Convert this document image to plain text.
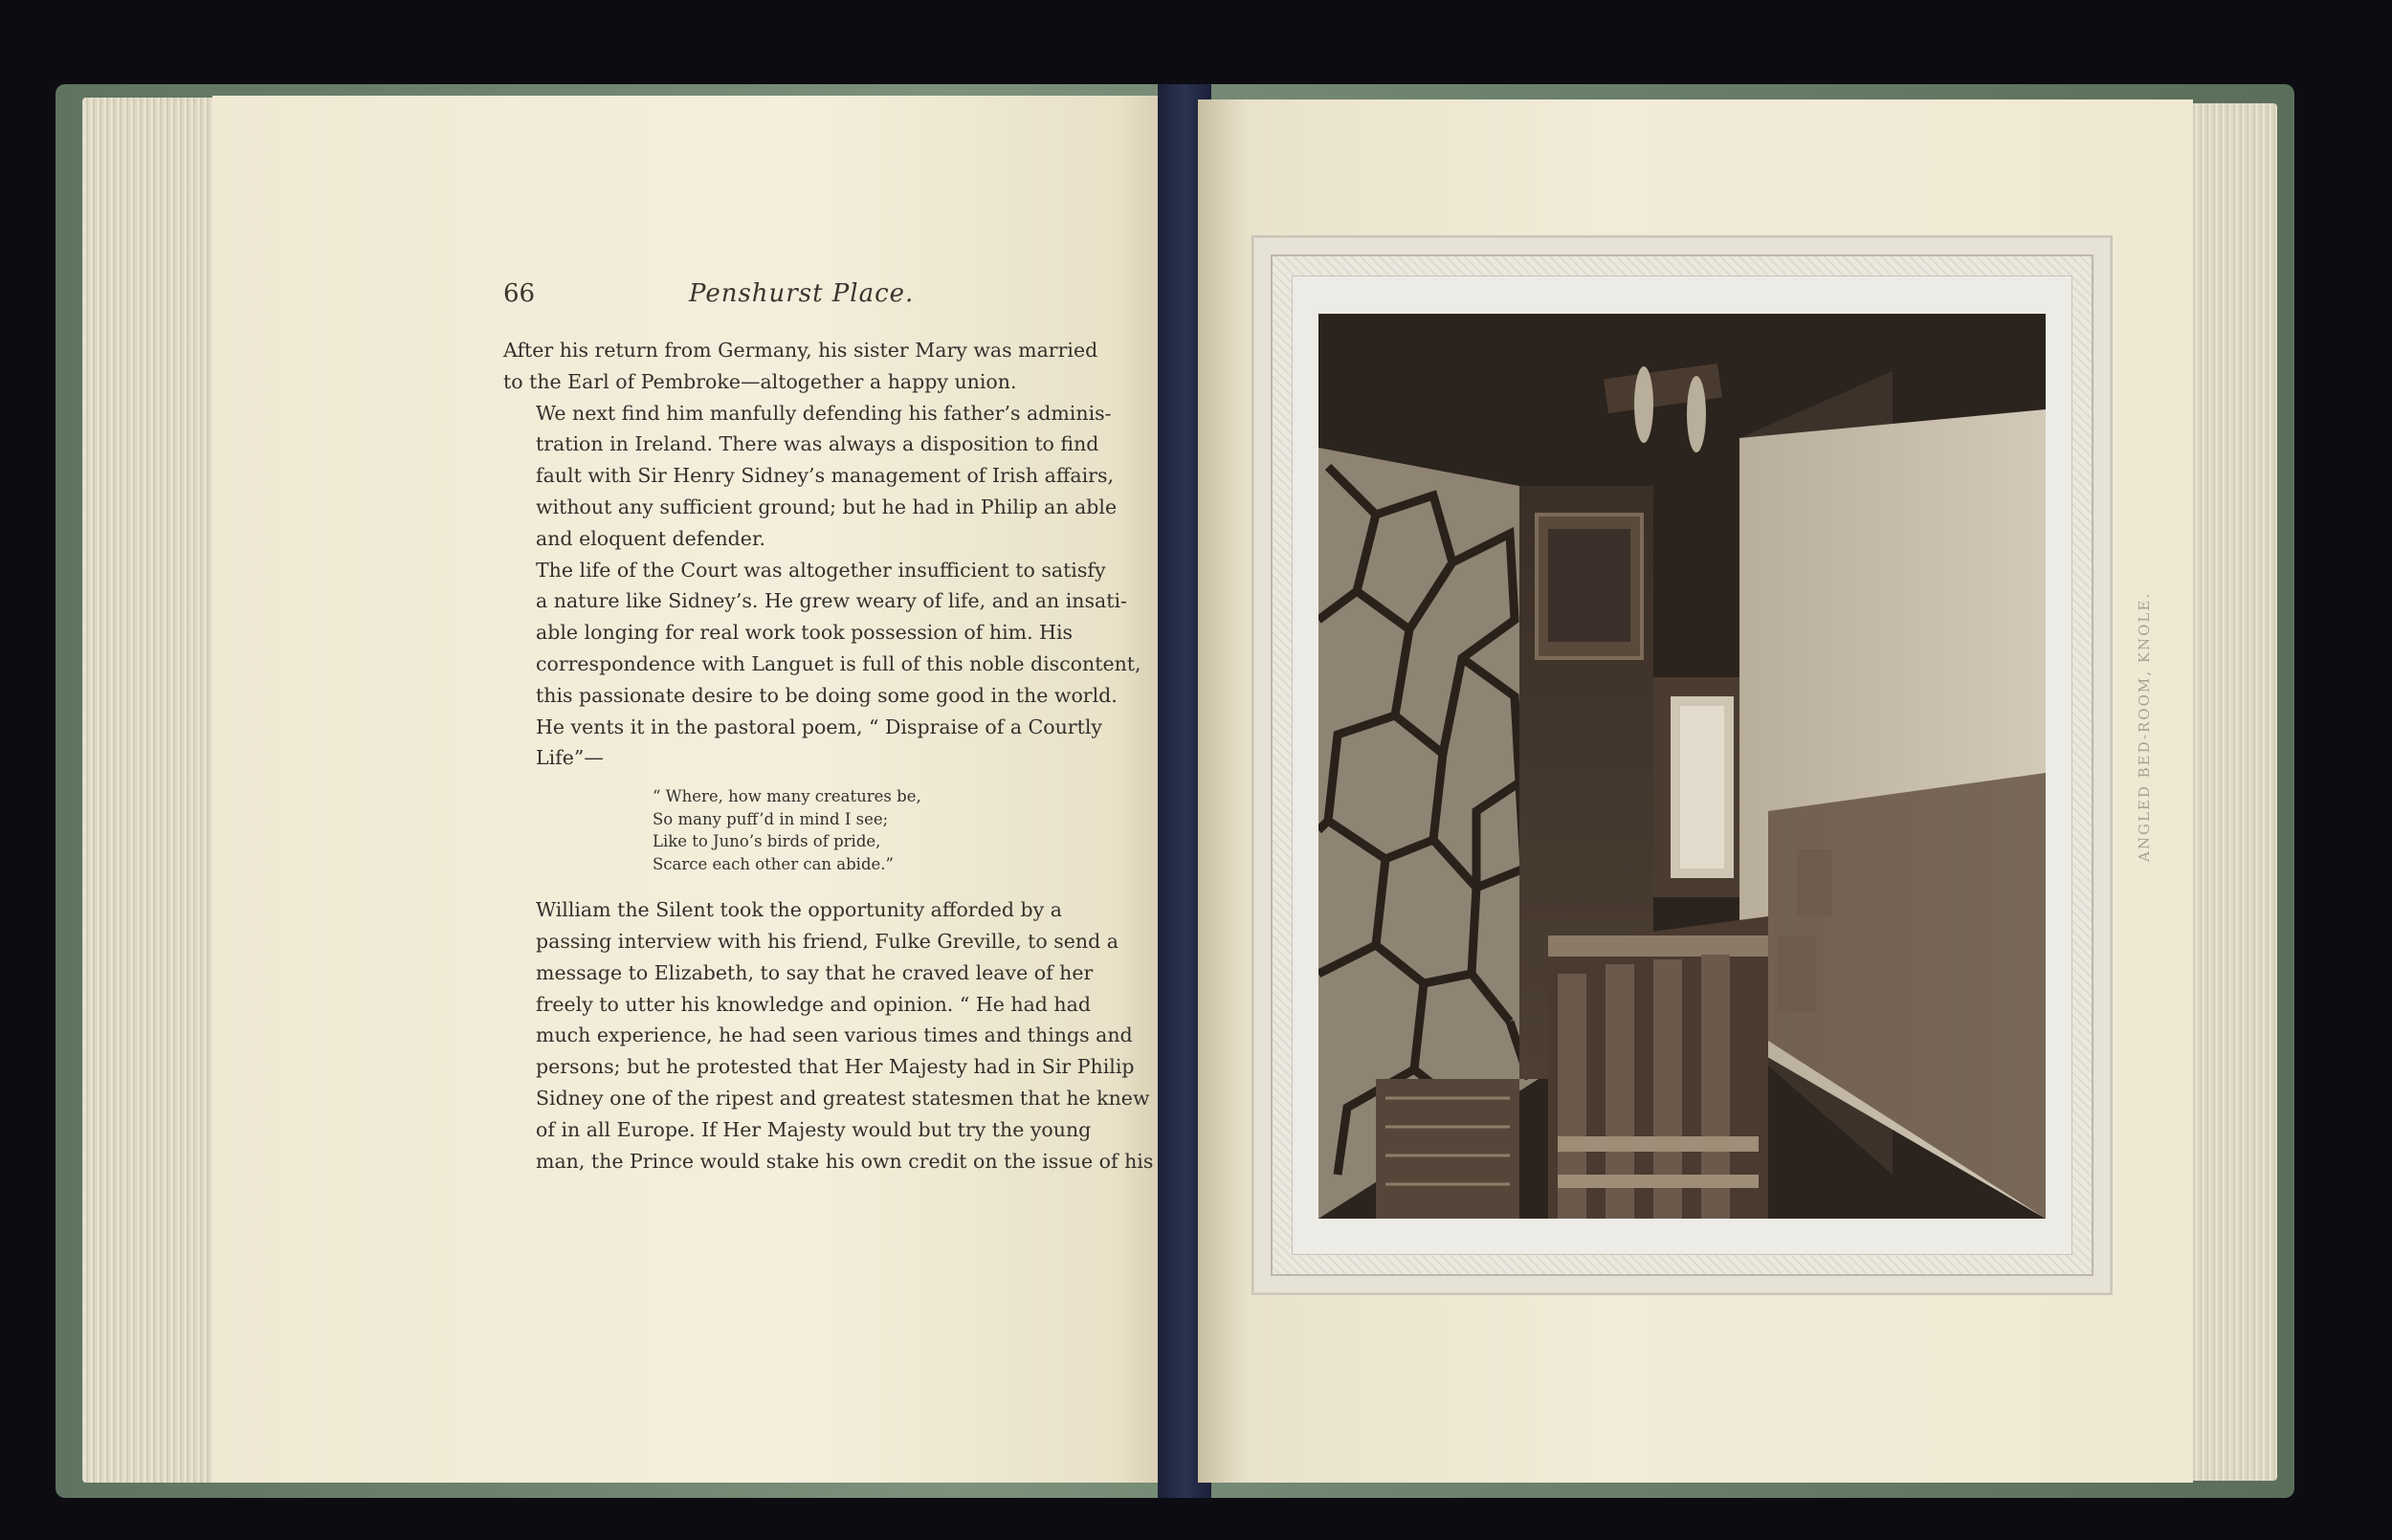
66	Penshurst Place.

After his return from Germany, his sister Mary was married
to the Earl of Pembroke—altogether a happy union.

We next find him manfully defending his father’s adminis-
tration in Ireland. There was always a disposition to find
fault with Sir Henry Sidney’s management of Irish affairs,
without any sufficient ground; but he had in Philip an able
and eloquent defender.

The life of the Court was altogether insufficient to satisfy
a nature like Sidney’s. He grew weary of life, and an insati-
able longing for real work took possession of him. His
correspondence with Languet is full of this noble discontent,
this passionate desire to be doing some good in the world.
He vents it in the pastoral poem, “ Dispraise of a Courtly
Life”—

“ Where, how many creatures be,
So many puff’d in mind I see;
Like to Juno’s birds of pride,
Scarce each other can abide.”

William the Silent took the opportunity afforded by a
passing interview with his friend, Fulke Greville, to send a
message to Elizabeth, to say that he craved leave of her
freely to utter his knowledge and opinion. “ He had had
much experience, he had seen various times and things and
persons; but he protested that Her Majesty had in Sir Philip
Sidney one of the ripest and greatest statesmen that he knew
of in all Europe. If Her Majesty would but try the young
man, the Prince would stake his own credit on the issue of his

ANGLED BED-ROOM, KNOLE.
